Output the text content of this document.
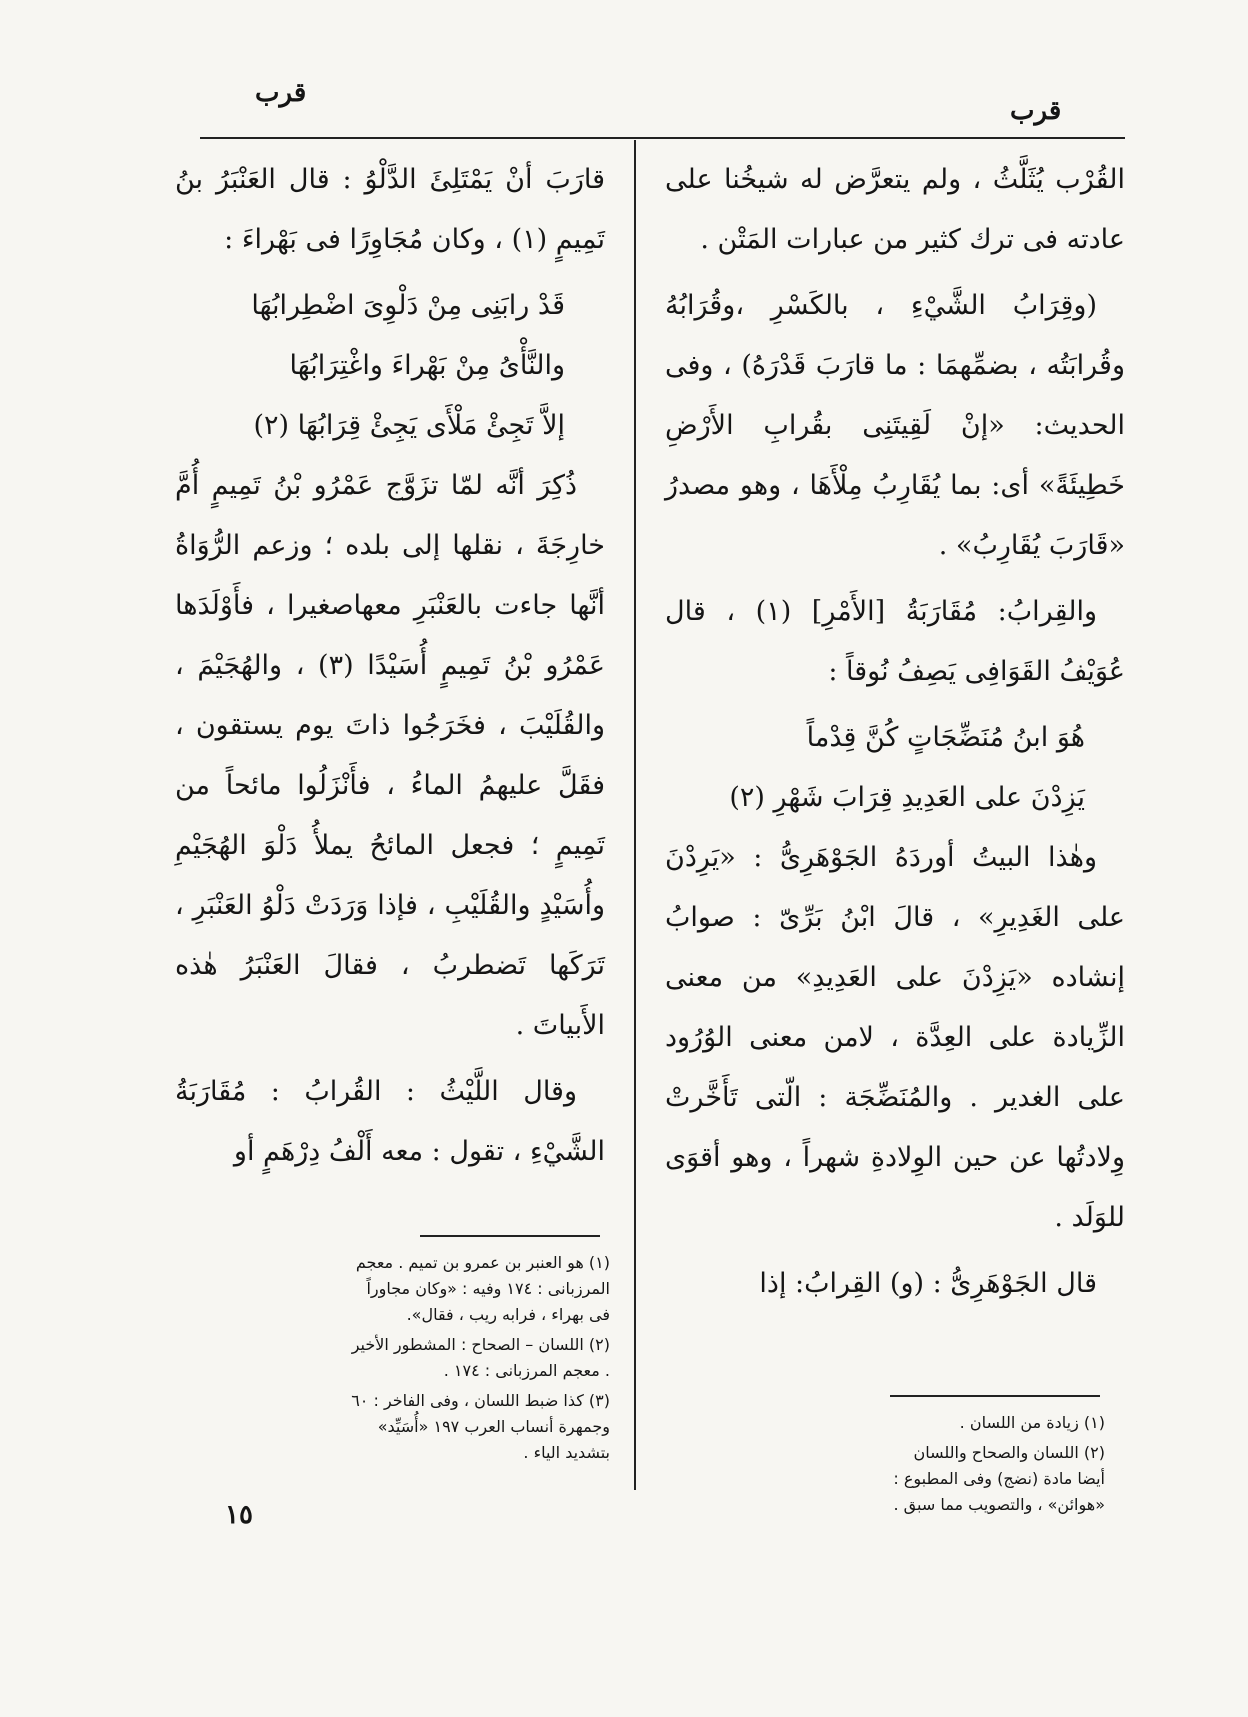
قرب
قرب

القُرْب يُثَلَّثُ ، ولم يتعرَّض له شيخُنا على عادته فى ترك كثير من عبارات المَتْن .

(وقِرَابُ الشَّيْءِ ، بالكَسْرِ ،وقُرَابُهُ وقُرابَتُه ، بضمِّهمَا : ما قارَبَ قَدْرَهُ) ، وفى الحديث: «إنْ لَقِيتَنِى بقُرابِ الأَرْضِ خَطِيئَةً» أى: بما يُقَارِبُ مِلْأَهَا ، وهو مصدرُ «قَارَبَ يُقَارِبُ» .

والقِرابُ: مُقَارَبَةُ [الأَمْرِ] (١) ، قال عُوَيْفُ القَوَافِى يَصِفُ نُوقاً :

هُوَ ابنُ مُنَضِّجَاتٍ كُنَّ قِدْماً

يَزِدْنَ على العَدِيدِ قِرَابَ شَهْرِ (٢)

وهٰذا البيتُ أوردَهُ الجَوْهَرِىُّ : «يَرِدْنَ على الغَدِيرِ» ، قالَ ابْنُ بَرِّىّ : صوابُ إنشاده «يَزِدْنَ على العَدِيدِ» من معنى الزِّيادة على العِدَّة ، لامن معنى الوُرُود على الغدير . والمُنَضِّجَة : الّتى تَأَخَّرتْ وِلادتُها عن حين الوِلادةِ شهراً ، وهو أقوَى للوَلَد .

قال الجَوْهَرِىُّ : (و) القِرابُ: إذا

قارَبَ أنْ يَمْتَلِئَ الدَّلْوُ : قال العَنْبَرُ بنُ تَمِيمٍ (١) ، وكان مُجَاوِرًا فى بَهْراءَ :

قَدْ رابَنِى مِنْ دَلْوِىَ اضْطِرابُهَا

والنَّأْىُ مِنْ بَهْراءَ واغْتِرَابُهَا

إلاَّ تَجِئْ مَلْأَى يَجِئْ قِرَابُهَا (٢)

ذُكِرَ أنَّه لمّا تزَوَّج عَمْرُو بْنُ تَمِيمٍ أُمَّ خارِجَةَ ، نقلها إلى بلده ؛ وزعم الرُّوَاةُ أنَّها جاءت بالعَنْبَرِ معهاصغيرا ، فأَوْلَدَها عَمْرُو بْنُ تَمِيمٍ أُسَيْدًا (٣) ، والهُجَيْمَ ، والقُلَيْبَ ، فخَرَجُوا ذاتَ يوم يستقون ، فقَلَّ عليهمُ الماءُ ، فأَنْزَلُوا مائحاً من تَمِيمٍ ؛ فجعل المائحُ يملأُ دَلْوَ الهُجَيْمِ وأُسَيْدٍ والقُلَيْبِ ، فإذا وَرَدَتْ دَلْوُ العَنْبَرِ ، تَرَكَها تَضطربُ ، فقالَ العَنْبَرُ هٰذه الأَبياتَ .

وقال اللَّيْثُ : القُرابُ : مُقَارَبَةُ الشَّيْءِ ، تقول : معه أَلْفُ دِرْهَمٍ أو

(١) هو العنبر بن عمرو بن تميم . معجم المرزبانى : ١٧٤ وفيه : «وكان مجاوراً فى بهراء ، فرابه ريب ، فقال».

(٢) اللسان – الصحاح : المشطور الأخير . معجم المرزبانى : ١٧٤ .

(٣) كذا ضبط اللسان ، وفى الفاخر : ٦٠ وجمهرة أنساب العرب ١٩٧ «أُسَيِّد» بتشديد الياء .

(١) زيادة من اللسان .

(٢) اللسان والصحاح واللسان أيضا مادة (نضج) وفى المطبوع : «هوائن» ، والتصويب مما سبق .

١٥
